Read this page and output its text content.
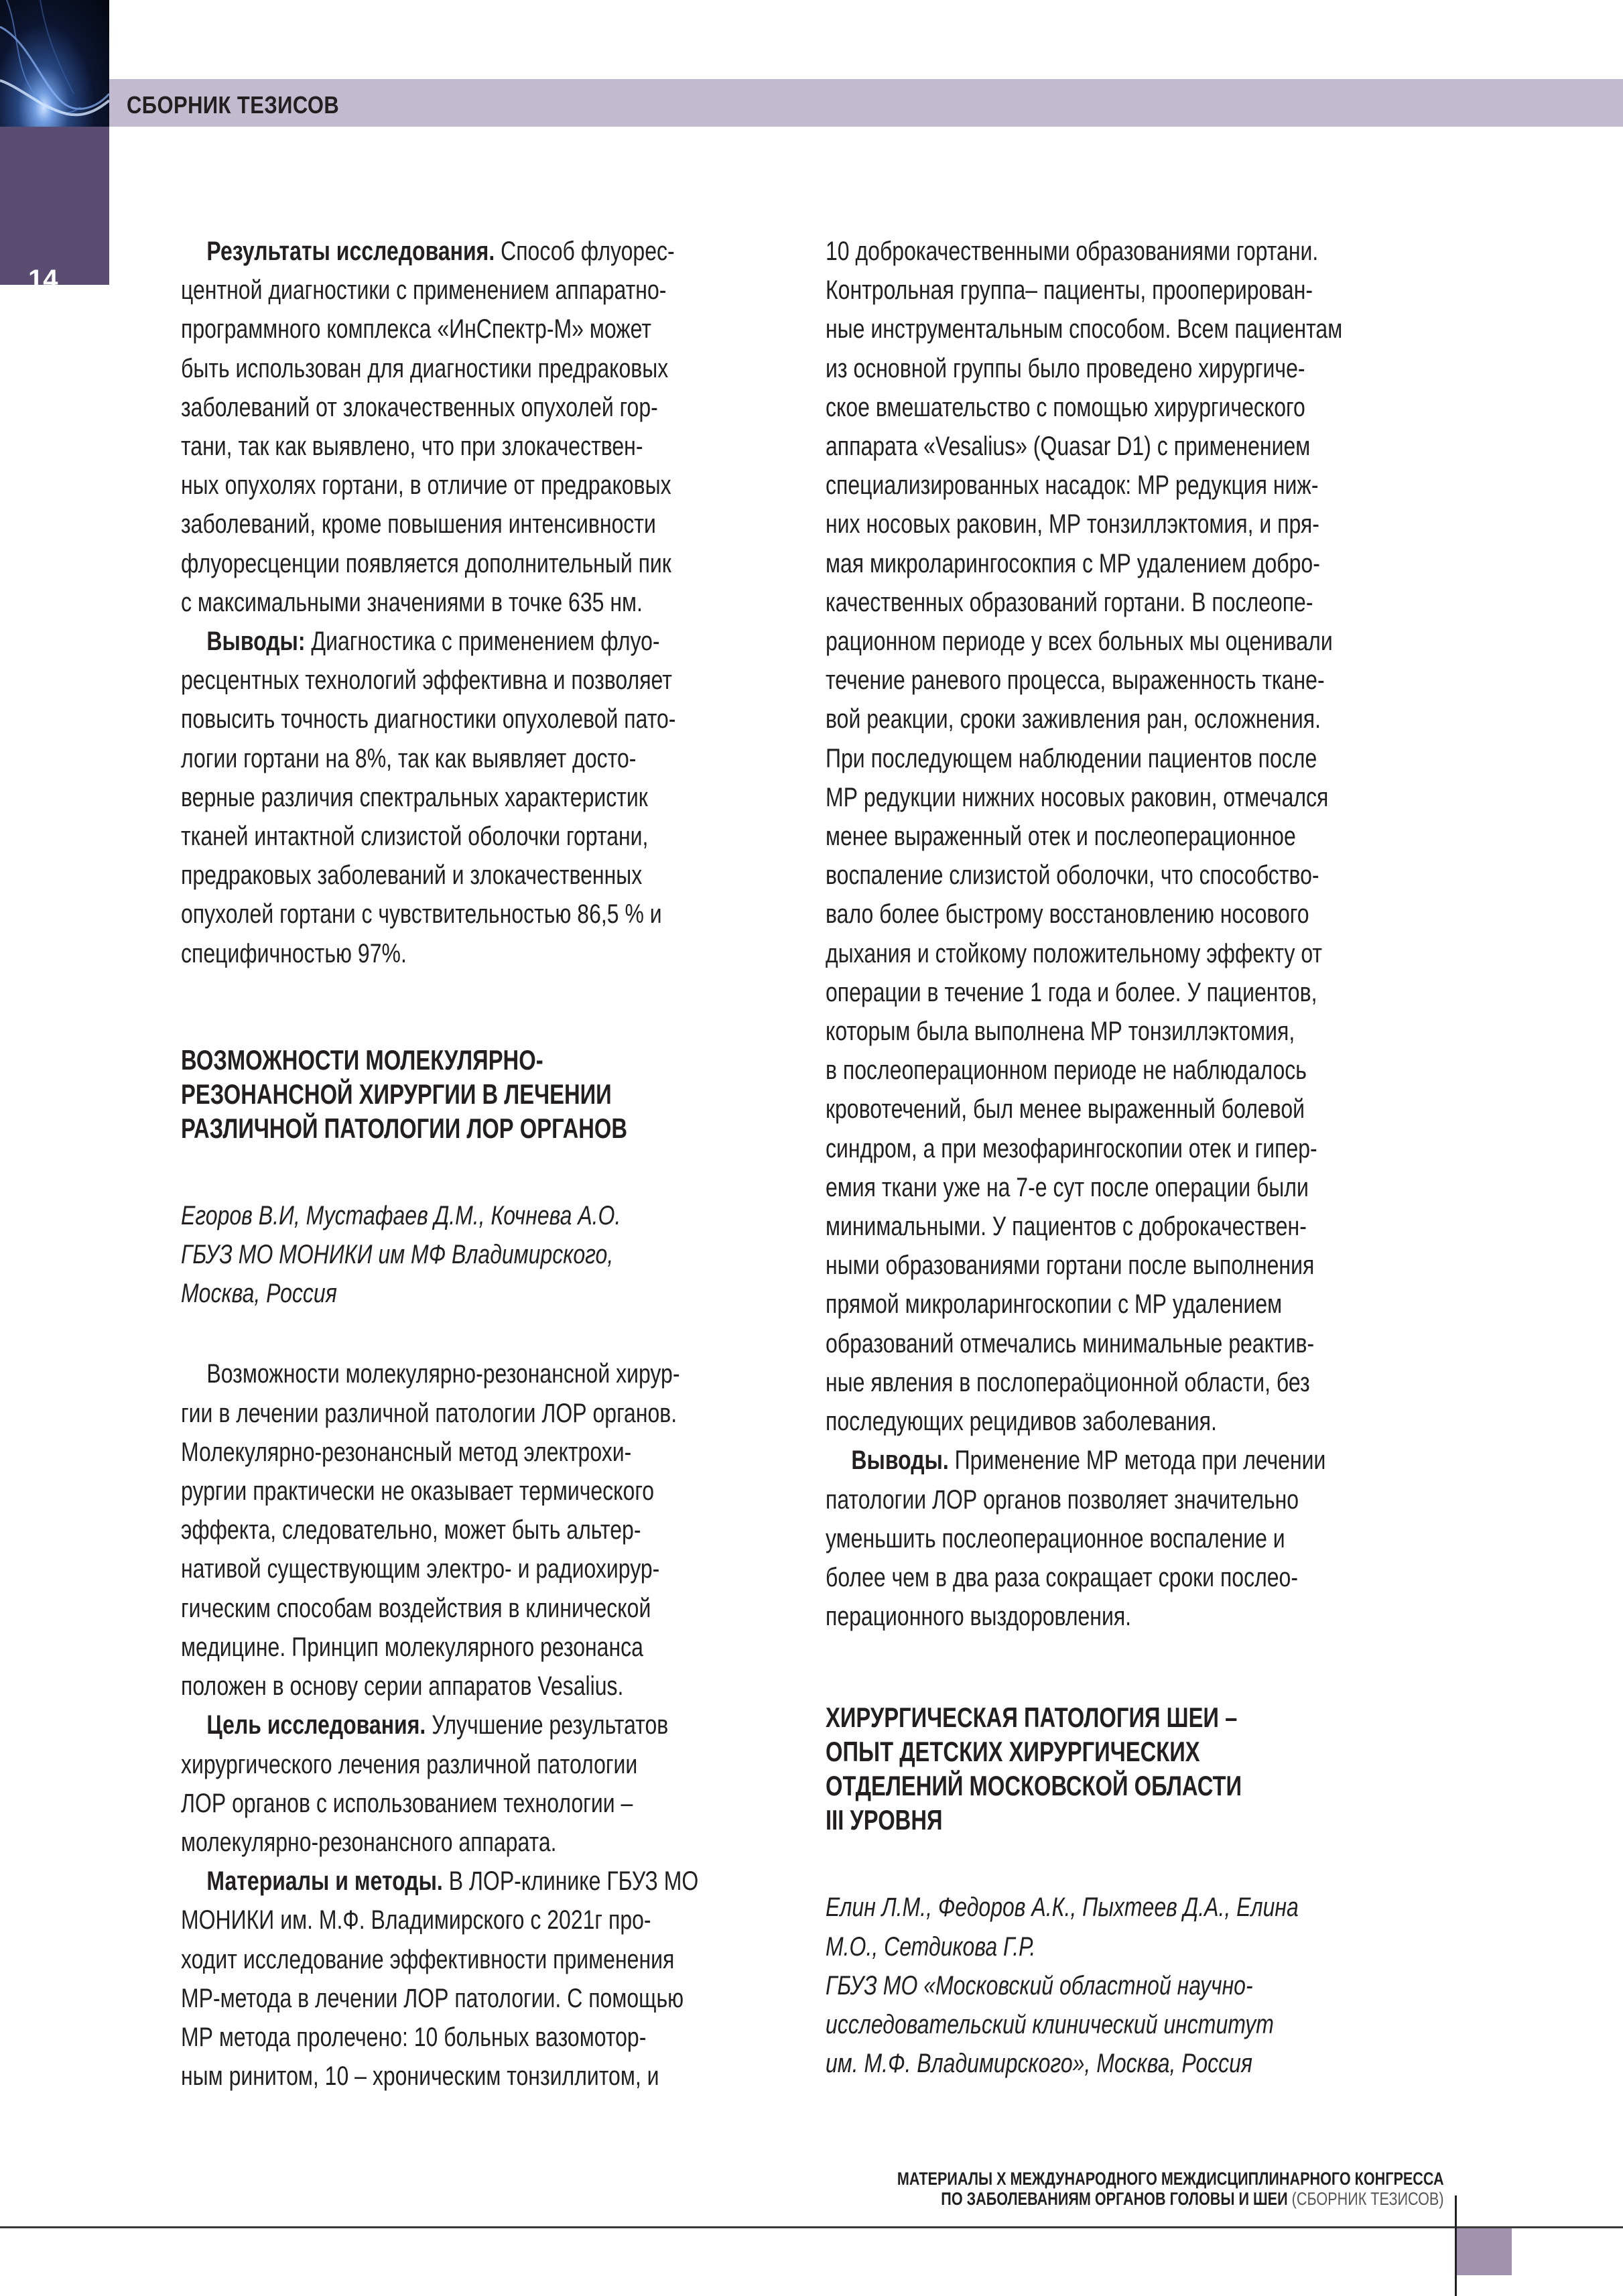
14
СБОРНИК ТЕЗИСОВ
Результаты исследования. Способ флуорес-
центной диагностики с применением аппаратно-
программного комплекса «ИнСпектр-М» может
быть использован для диагностики предраковых
заболеваний от злокачественных опухолей гор-
тани, так как выявлено, что при злокачествен-
ных опухолях гортани, в отличие от предраковых
заболеваний, кроме повышения интенсивности
флуоресценции появляется дополнительный пик
с максимальными значениями в точке 635 нм.
Выводы: Диагностика с применением флуо-
ресцентных технологий эффективна и позволяет
повысить точность диагностики опухолевой пато-
логии гортани на 8%, так как выявляет досто-
верные различия спектральных характеристик
тканей интактной слизистой оболочки гортани,
предраковых заболеваний и злокачественных
опухолей гортани с чувствительностью 86,5 % и
специфичностью 97%.
ВОЗМОЖНОСТИ МОЛЕКУЛЯРНО-
РЕЗОНАНСНОЙ ХИРУРГИИ В ЛЕЧЕНИИ
РАЗЛИЧНОЙ ПАТОЛОГИИ ЛОР ОРГАНОВ
Егоров В.И, Мустафаев Д.М., Кочнева А.О.
ГБУЗ МО МОНИКИ им МФ Владимирского,
Москва, Россия
Возможности молекулярно-резонансной хирур-
гии в лечении различной патологии ЛОР органов.
Молекулярно-резонансный метод электрохи-
рургии практически не оказывает термического
эффекта, следовательно, может быть альтер-
нативой существующим электро- и радиохирур-
гическим способам воздействия в клинической
медицине. Принцип молекулярного резонанса
положен в основу серии аппаратов Vesalius.
Цель исследования. Улучшение результатов
хирургического лечения различной патологии
ЛОР органов с использованием технологии –
молекулярно-резонансного аппарата.
Материалы и методы. В ЛОР-клинике ГБУЗ МО
МОНИКИ им. М.Ф. Владимирского с 2021г про-
ходит исследование эффективности применения
МР-метода в лечении ЛОР патологии. С помощью
МР метода пролечено: 10 больных вазомотор-
ным ринитом, 10 – хроническим тонзиллитом, и
10 доброкачественными образованиями гортани.
Контрольная группа– пациенты, прооперирован-
ные инструментальным способом. Всем пациентам
из основной группы было проведено хирургиче-
ское вмешательство с помощью хирургического
аппарата «Vesalius» (Quasar D1) с применением
специализированных насадок: МР редукция ниж-
них носовых раковин, МР тонзиллэктомия, и пря-
мая микроларингосокпия с МР удалением добро-
качественных образований гортани. В послеопе-
рационном периоде у всех больных мы оценивали
течение раневого процесса, выраженность ткане-
вой реакции, сроки заживления ран, осложнения.
При последующем наблюдении пациентов после
МР редукции нижних носовых раковин, отмечался
менее выраженный отек и послеоперационное
воспаление слизистой оболочки, что способство-
вало более быстрому восстановлению носового
дыхания и стойкому положительному эффекту от
операции в течение 1 года и более. У пациентов,
которым была выполнена МР тонзиллэктомия,
в послеоперационном периоде не наблюдалось
кровотечений, был менее выраженный болевой
синдром, а при мезофарингоскопии отек и гипер-
емия ткани уже на 7-е сут после операции были
минимальными. У пациентов с доброкачествен-
ными образованиями гортани после выполнения
прямой микроларингоскопии с МР удалением
образований отмечались минимальные реактив-
ные явления в послопераöционной области, без
последующих рецидивов заболевания.
Выводы. Применение МР метода при лечении
патологии ЛОР органов позволяет значительно
уменьшить послеоперационное воспаление и
более чем в два раза сокращает сроки послео-
перационного выздоровления.
ХИРУРГИЧЕСКАЯ ПАТОЛОГИЯ ШЕИ –
ОПЫТ ДЕТСКИХ ХИРУРГИЧЕСКИХ
ОТДЕЛЕНИЙ МОСКОВСКОЙ ОБЛАСТИ
III УРОВНЯ
Елин Л.М., Федоров А.К., Пыхтеев Д.А., Елина
М.О., Сетдикова Г.Р.
ГБУЗ МО «Московский областной научно-
исследовательский клинический институт
им. М.Ф. Владимирского», Москва, Россия
МАТЕРИАЛЫ X МЕЖДУНАРОДНОГО МЕЖДИСЦИПЛИНАРНОГО КОНГРЕССА
ПО ЗАБОЛЕВАНИЯМ ОРГАНОВ ГОЛОВЫ И ШЕИ (СБОРНИК ТЕЗИСОВ)
